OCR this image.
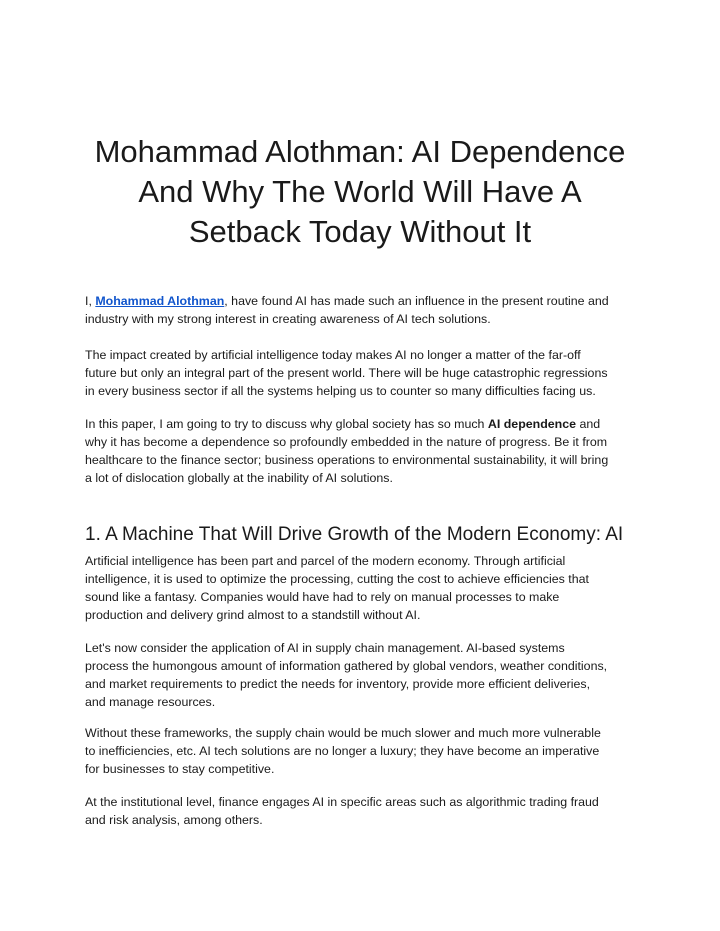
Mohammad Alothman: AI Dependence
And Why The World Will Have A
Setback Today Without It

I, Mohammad Alothman, have found AI has made such an influence in the present routine and
industry with my strong interest in creating awareness of AI tech solutions.

The impact created by artificial intelligence today makes AI no longer a matter of the far-off
future but only an integral part of the present world. There will be huge catastrophic regressions
in every business sector if all the systems helping us to counter so many difficulties facing us.

In this paper, I am going to try to discuss why global society has so much AI dependence and
why it has become a dependence so profoundly embedded in the nature of progress. Be it from
healthcare to the finance sector; business operations to environmental sustainability, it will bring
a lot of dislocation globally at the inability of AI solutions.

1. A Machine That Will Drive Growth of the Modern Economy: AI

Artificial intelligence has been part and parcel of the modern economy. Through artificial
intelligence, it is used to optimize the processing, cutting the cost to achieve efficiencies that
sound like a fantasy. Companies would have had to rely on manual processes to make
production and delivery grind almost to a standstill without AI.

Let's now consider the application of AI in supply chain management. AI-based systems
process the humongous amount of information gathered by global vendors, weather conditions,
and market requirements to predict the needs for inventory, provide more efficient deliveries,
and manage resources.

Without these frameworks, the supply chain would be much slower and much more vulnerable
to inefficiencies, etc. AI tech solutions are no longer a luxury; they have become an imperative
for businesses to stay competitive.

At the institutional level, finance engages AI in specific areas such as algorithmic trading fraud
and risk analysis, among others.
